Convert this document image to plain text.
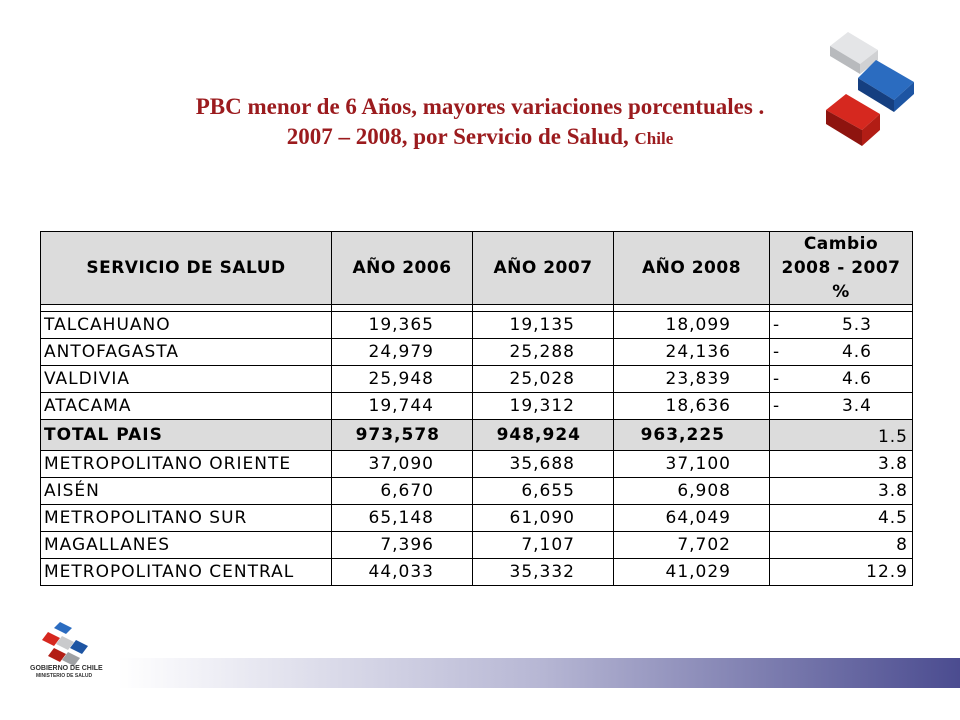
PBC menor de 6 Años, mayores variaciones porcentuales .
2007 – 2008, por Servicio de Salud, Chile
SERVICIO DE SALUD	AÑO 2006	AÑO 2007	AÑO 2008	Cambio
2008 - 2007 %

TALCAHUANO	19,365	19,135	18,099	- 5.3
ANTOFAGASTA	24,979	25,288	24,136	- 4.6
VALDIVIA	25,948	25,028	23,839	- 4.6
ATACAMA	19,744	19,312	18,636	- 3.4
TOTAL PAIS	973,578	948,924	963,225	1.5
METROPOLITANO ORIENTE	37,090	35,688	37,100	3.8
AISÉN	6,670	6,655	6,908	3.8
METROPOLITANO SUR	65,148	61,090	64,049	4.5
MAGALLANES	7,396	7,107	7,702	8
METROPOLITANO CENTRAL	44,033	35,332	41,029	12.9
GOBIERNO DE CHILE
MINISTERIO DE SALUD
